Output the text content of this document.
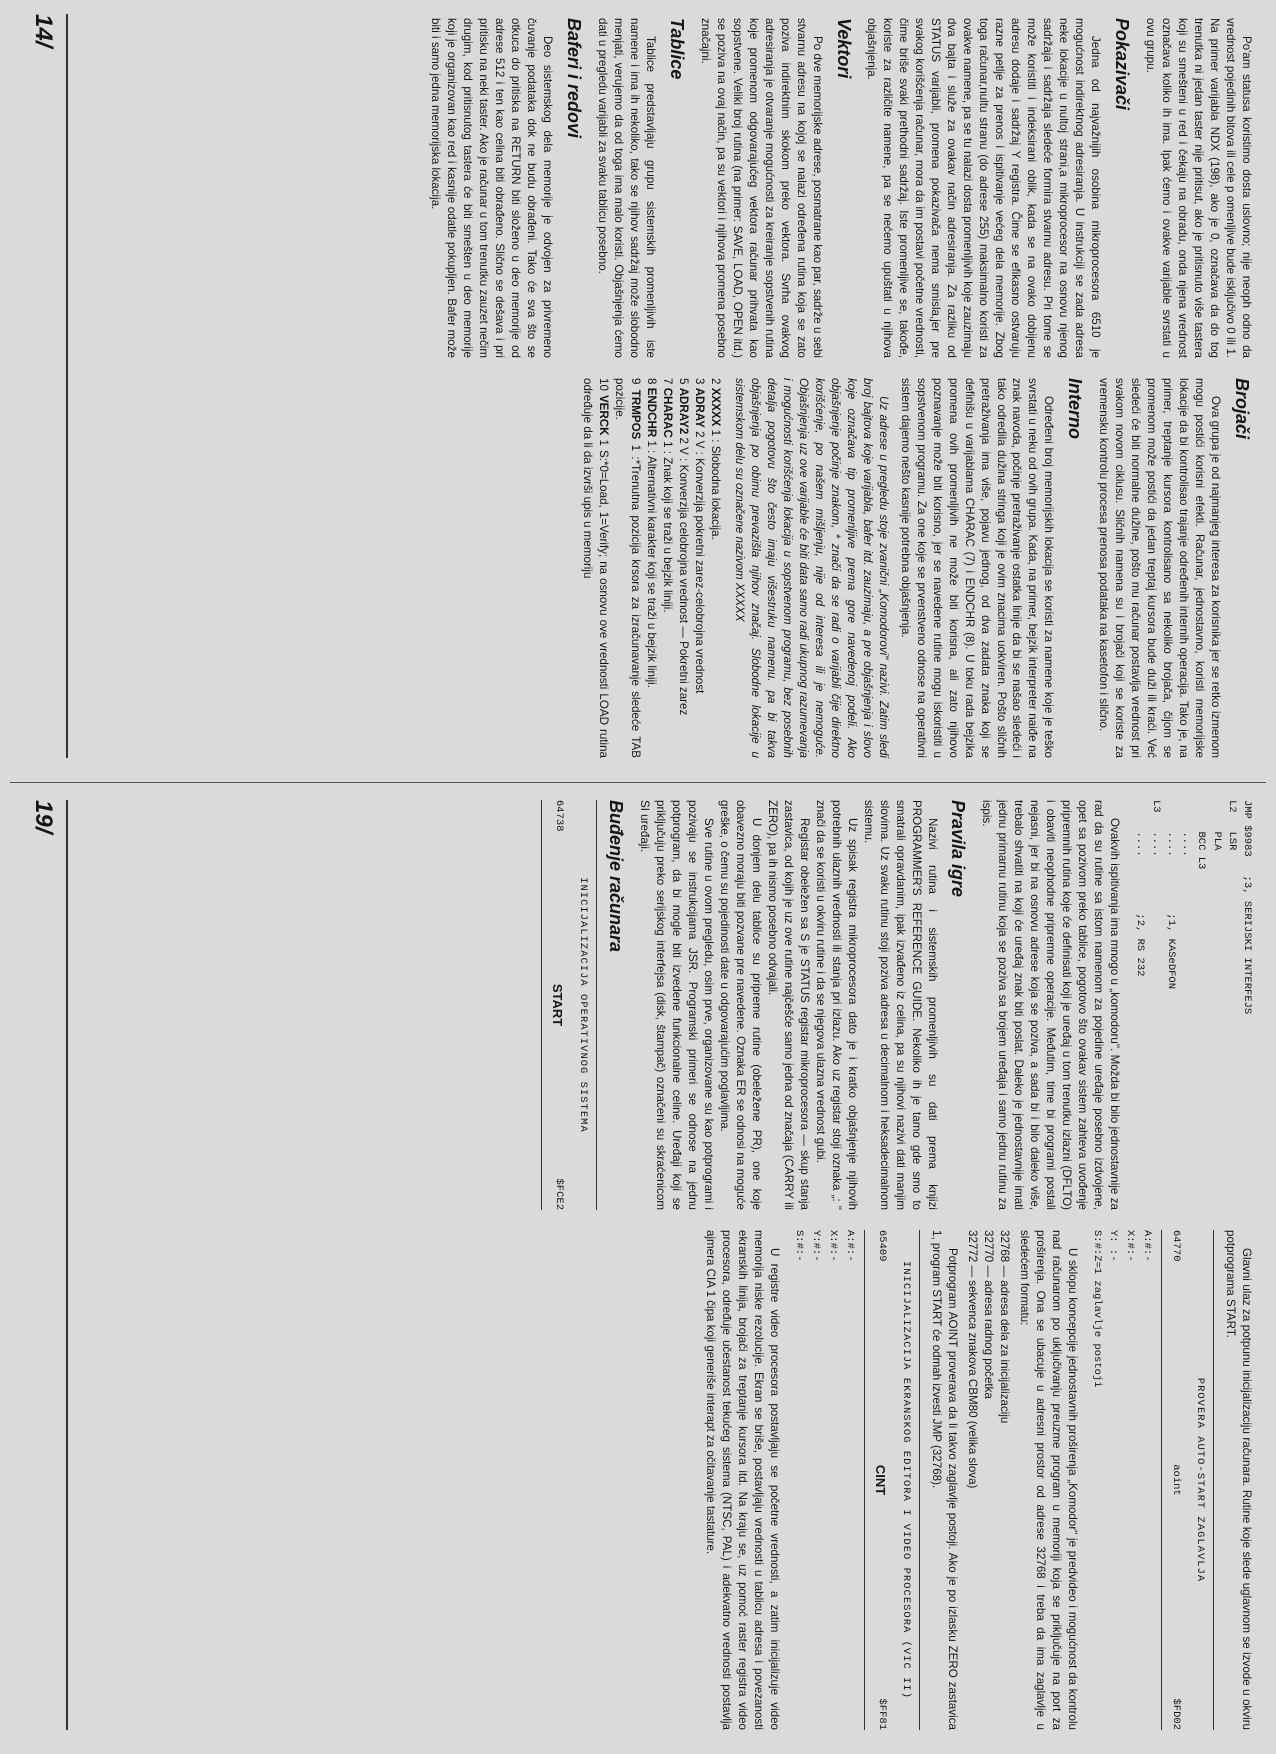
Po'am statusa koristimo dosta uslovno; nije neoph odno da vrednost pojedinih bitova ili cele p omenljive bude isključivo 0 ili 1. Na primer varijabla NDX (198), ako je 0, označava da do tog trenutka ni jedan taster nije pritisut, ako je pritisnuto više tastera koji su smešteni u red i čekaju na obradu, onda njena vrednost označava koliko ih ima. Ipak ćemo i ovakve varijable svrstati u ovu grupu.

Pokazivači

Jedna od najvažnijih osobina mikroprocesora 6510 je mogućnost indirektnog adresiranja. U instrukciji se zada adresa neke lokacije u nultoj strani,a mikroprocesor na osnovu njenog sadržaja i sadržaja sledeće formira stvarnu adresu. Pri tome se može koristiti i indeksirani oblik, kada se na ovako dobijenu adresu dodaje i sadržaj Y registra. Čime se efikasno ostvaruju razne petlje za prenos i ispitivanje većeg dela memorije. Zbog toga računar,nultu stranu (do adrese 255) maksimalno koristi za ovakve namene, pa se tu nalazi dosta promenljivih koje zauzimaju dva bajta i služe za ovakav način adresiranja. Za razliku od STATUS varijabli, promena pokazivača nema smisla,jer pre svakog korišćenja računar, mora da im postavi početne vrednosti, čime briše svaki prethodni sadržaj. Iste promenljive se, takođe, koriste za različite namene, pa se nećemo upuštati u njihova objašnjenja.

Vektori

Po dve memorijske adrese, posmatrane kao par, sadrže u sebi stvarnu adresu na kojoj se nalazi određena rutina koja se zato poziva indirektnim skokom preko vektora. Svrha ovakvog adresiranja je otvaranje mogućnosti za kreiranje sopstvenih rutina koje promenom odgovarajućeg vektora računar prihvata kao sopstvene. Veliki broj rutina (na primer: SAVE, LOAD, OPEN itd.) se poziva na ovaj način, pa su vektori i njihova promena posebno značajni.

Tablice

Tablice predstavljaju grupu sistemskih promenljivih iste namene i ima ih nekoliko, tako se njihov sadržaj može slobodno menjati, verujemo da od toga ima malo koristi. Objašnjenja ćemo dati u pregledu varijabli za svaku tablicu posebno.

Baferi i redovi

Deo sistemskog dela memorije je odvojen za privremeno čuvanje podataka dok ne budu obrađeni. Tako će sva što se otkuca do pritiska na RETURN biti složeno u deo memorije od adrese 512 i ten kao celina biti obrađeno. Slično se dešava i pri pritisku na neki taster. Ako je računar u tom trenutku zauzet nečim drugim, kod pritisnutog tastera će biti smešten u deo memorije koji je organizovan kao red i kasnije odatle pokupljen. Bafer može biti i samo jedna memorijska lokacija.

Brojači

Ova grupa je od najmanjeg interesa za korisnika jer se retko izmenom mogu postići korisni efekti. Računar, jednostavno, koristi memorijske lokacije da bi kontrolisao trajanje određenih internih operacija. Tako je, na primer, treptanje kursora kontrolisano sa nekoliko brojača, čijom se promenom može postići da jedan treptaj kursora bude duži ili kraći. Već sledeći će biti normalne dužine, pošto mu računar postavlja vrednost pri svakom novom ciklusu. Sličnih namena su i brojači koji se koriste za vremensku kontrolu procesa prenosa podataka na kasetofon i slično.

Interno

Određeni broj memorijskih lokacija se koristi za namene koje je teško svrstati u neku od ovih grupa. Kada, na primer, bejzik interpreter naiđe na znak navoda, počinje pretraživanje ostatka linije da bi se našao sledeći i tako odredila dužina stringa koji je ovim znacima uokviren. Pošto sličnih pretraživanja ima više, pojavu jednog, od dva zadata znaka koji se definišu u varijablama CHARAC (7) i ENDCHR (8). U toku rada bejzika promena ovih promenljivih ne može biti korisna, ali zato njihovo poznavanje može biti korisno, jer se navedene rutine mogu iskoristiti u sopstvenom programu. Za one koje se prvenstveno odnose na operativni sistem dajemo nešto kasnije potrebna objašnjenja.

Uz adrese u pregledu stoje zvanični „Komodorovi" nazivi. Zatim sledi broj bajtova koje varijabla, bafer itd. zauzimaju, a pre objašnjenja i slovo koje označava tip promenljive prema gore navedenoj podeli. Ako objašnjenje počinje znakom, * znači da se radi o varijabli čije direktno korišćenje, po našem mišljenju, nije od interesa ili je nemoguće. Objašnjenja uz ove varijable će biti data samo radi ukupnog razumevanja i mogućnosti korišćenja lokacija u sopstvenom programu, bez posebnih detalja pogotovu što često imaju višestruku namenu. pa bi takva objašnjenja po obimu prevazišla njihov značaj. Slobodne lokacije u sistemskom delu su označene nazivom XXXXX

2 XXXXX 1 : Slobodna lokacija.

3 ADRAY 2 V : Konverzija pokretni zarez-celobrojna vrednost

5 ADRAY2 2 V : Konverzija celobrojna vrednost — Pokretni zarez

7 CHARAC 1 : Znak koji se traži u bejzik liniji.

8 ENDCHR 1 : Alternativni karakter koji se traži u bejzik liniji.

9 TRMPOS 1 :*Trenutna pozicija krsora za izračunavanje sledeće TAB pozicije.

10 VERCK 1 S:*0=Load, 1=Verify; na osnovu ove vrednosti LOAD rutina određuje da li da izvrši upis u memoriju

14/
JMP $9983   ;3, SERIJSKI INTERFEJS
L2   LSR
PLA
BCC L3
....
....         ;1, KASeDFON
L3   ....
....         ;2, RS 232

Ovakvih ispitivanja ima mnogo u „komodoru". Možda bi bilo jednostavnije za rad da su rutine sa istom namenom za pojedine uređaje posebno izdvojene, opet sa pozivom preko tablice, pogotovo što ovakav sistem zahteva uvođenje pripremnih rutina koje će definisati koji je uređaj u tom trenutku izlazni (DFLTO) i obaviti neophodne pripremne operacije. Međutim, time bi programi postali nejasni, jer bi na osnovu adrese koja se poziva, a sada bi i bilo daleko više, trebalo shvatiti na koji će uređaj znak biti poslat. Daleko je jednostavnije imati jednu primarnu rutinu koja se poziva sa brojem uređaja i samo jednu rutinu za ispis.

Pravila igre

Nazivi rutina i sistemskih promenljivih su dati prema knjizi PROGRAMMER'S REFERENCE GUIDE. Nekoliko ih je tamo gde smo to smatrali opravdanim, ipak izvađeno iz celina, pa su njihovi nazivi dati manjim slovima. Uz svaku rutinu stoji poziva adresa u decimalnom i heksadecimalnom sistemu.

Uz spisak registra mikroprocesora dato je i kratko objašnjenje njihovih potrebnih ulaznih vrednosti ili stanja pri izlazu. Ako uz registar stoji oznaka „: " znači da se koristi u okviru rutine i da se njegova ulazna vrednost gubi.

Registar obeležen sa S je STATUS registar mikroprocesora — skup stanja zastavica, od kojih je uz ove rutine najčešće samo jedna od značaja (CARRY ili ZERO), pa ih nismo posebno odvajali.

U donjem delu tablice su pripreme rutine (obeležene PR), one koje obavezno moraju biti pozvane pre navedene. Oznaka ER se odnosi na moguće greške, o čemu su pojedinosti date u odgovarajućim poglavljima.

Sve rutine u ovom pregledu, osim prve, organizovane su kao potprogrami i pozivaju se instrukcijama JSR. Programski primeri se odnose na jednu potprogram, da bi mogle biti izvedene funkcionalne celine. Uređaji koji se priključuju preko serijskog interfejsa (disk, štampač) označeni su skraćenicom SI uređaji.

Buđenje računara
INICIJALIZACIJA OPERATIVNOG SISTEMA
64738
START
$FCE2

Glavni ulaz za potpunu inicijalizaciju računara. Rutine koje slede uglavnom se izvode u okviru potprograma START.

PROVERA AUTO-START ZAGLAVLJA
64770
aoint
$FD02
A:#:-
X:#:-
Y: :-
S:#:Z=1 zaglavlje postoji

U sklopu koncepcije jednostavnih proširenja „Komodor" je predvideo i mogućnost da kontrolu nad računarom po uključivanju preuzme program u memoriji koja se priključuje na port za proširenja. Ona se ubacuje u adresni prostor od adrese 32768 i treba da ima zaglavlje u sledećem formatu:

32768 — adresa dela za inicijalizaciju

32770 — adresa radnog početka

32772 — sekvenca znakova CBM80 (velika slova)

Potprogram AOINT proverava da li takvo zaglavlje postoji. Ako je po izlasku ZERO zastavica 1, program START će odmah izvesti JMP (32768).

INICIJALIZACIJA EKRANSKOG EDITORA I VIDEO PROCESORA (VIC II)
65409
CINT
$FF81
A:#:-
X:#:-
Y:#:-
S:#:-

U registre video procesora postavljaju se početne vrednosti, a zatim inicijalizuje video memorija niske rezolucije. Ekran se briše, postavljaju vrednosti u tablicu adresa i povezanosti ekranskih linija, brojači za treptanje kursora itd. Na kraju se, uz pomoć raster registra video procesora, određuje učestanost tekućeg sistema (NTSC, PAL) i adekvatno vrednosti postavlja ajmera CIA 1 čipa koji generiše interapt za očitavanje tastature.

19/
